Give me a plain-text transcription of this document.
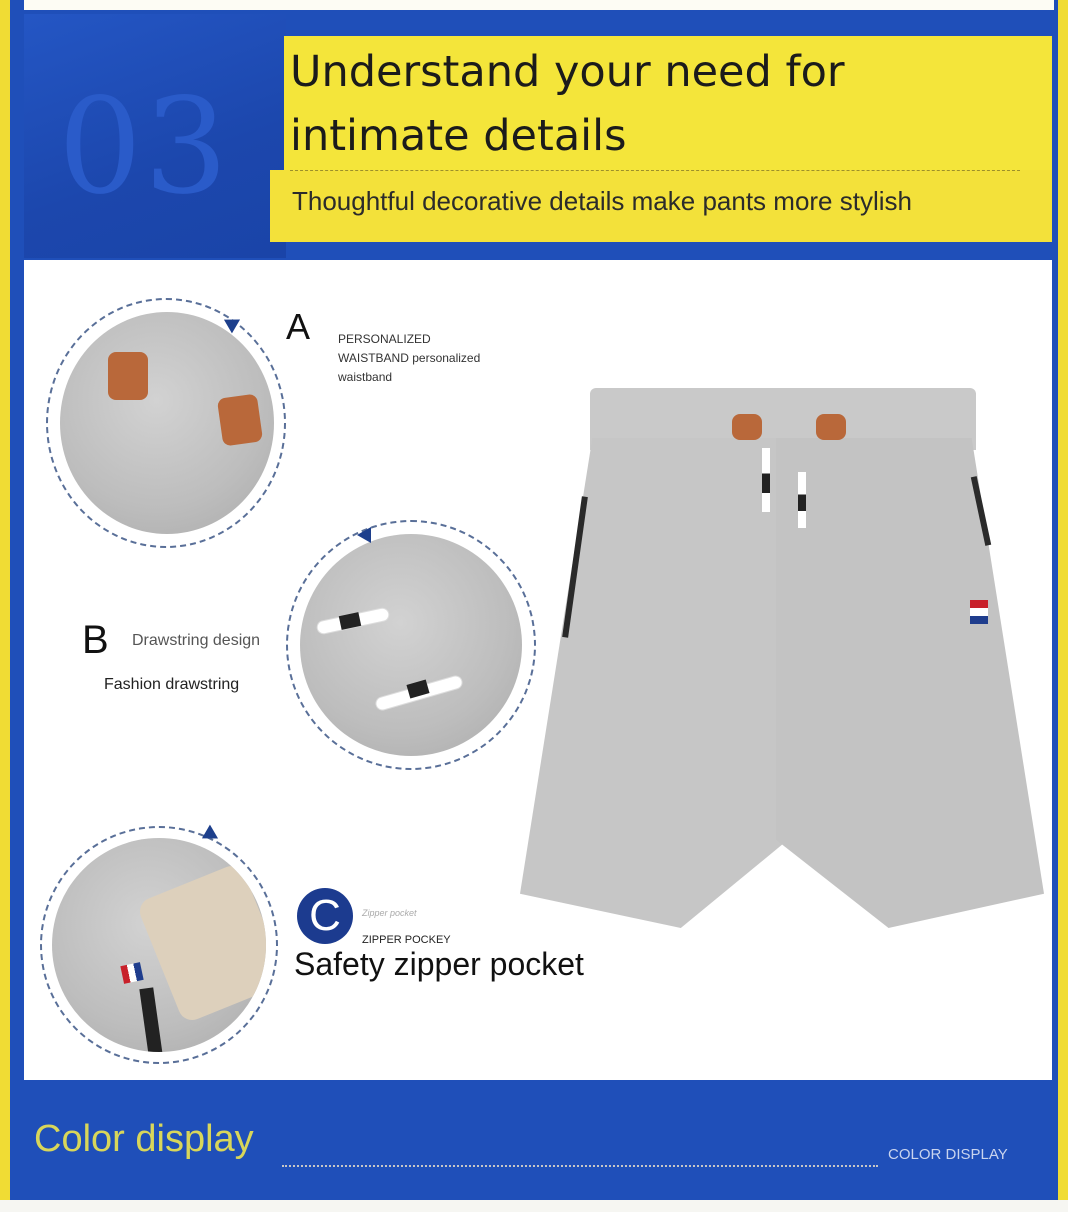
03 Understand your need for intimate details
Thoughtful decorative details make pants more stylish
A PERSONALIZED WAISTBAND personalized waistband
B Drawstring design
Fashion drawstring
C	Zipper pocket
ZIPPER POCKEY
Safety zipper pocket
Color display	COLOR DISPLAY
